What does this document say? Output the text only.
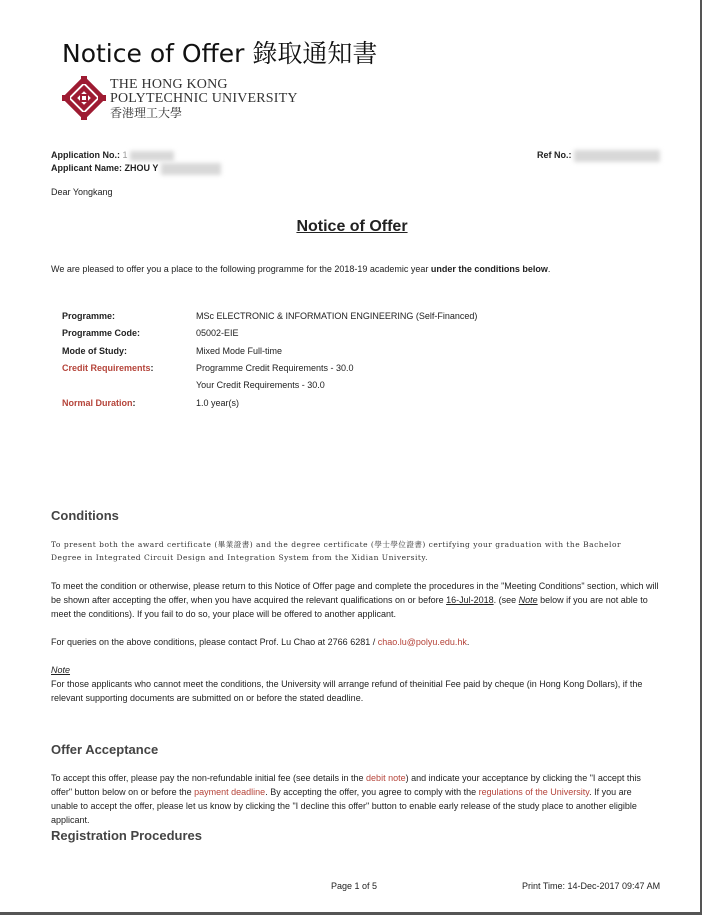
Notice of Offer 錄取通知書
THE HONG KONG
POLYTECHNIC UNIVERSITY
香港理工大學
Application No.: 1
Applicant Name: ZHOU Y
Ref No.:
Dear Yongkang
Notice of Offer
We are pleased to offer you a place to the following programme for the 2018-19 academic year under the conditions below.
Programme:	MSc ELECTRONIC & INFORMATION ENGINEERING (Self-Financed)
Programme Code:	05002-EIE
Mode of Study:	Mixed Mode Full-time
Credit Requirements:	Programme Credit Requirements - 30.0
Your Credit Requirements - 30.0
Normal Duration:	1.0 year(s)
Conditions
To present both the award certificate (畢業證書) and the degree certificate (學士學位證書) certifying your graduation with the Bachelor
Degree in Integrated Circuit Design and Integration System from the Xidian University.
To meet the condition or otherwise, please return to this Notice of Offer page and complete the procedures in the "Meeting Conditions" section, which will be shown after accepting the offer, when you have acquired the relevant qualifications on or before 16-Jul-2018. (see Note below if you are not able to meet the conditions). If you fail to do so, your place will be offered to another applicant.
For queries on the above conditions, please contact Prof. Lu Chao at 2766 6281 / chao.lu@polyu.edu.hk.
Note
For those applicants who cannot meet the conditions, the University will arrange refund of theinitial Fee paid by cheque (in Hong Kong Dollars), if the relevant supporting documents are submitted on or before the stated deadline.
Offer Acceptance
To accept this offer, please pay the non-refundable initial fee (see details in the debit note) and indicate your acceptance by clicking the "I accept this offer" button below on or before the payment deadline. By accepting the offer, you agree to comply with the regulations of the University. If you are unable to accept the offer, please let us know by clicking the "I decline this offer" button to enable early release of the study place to another eligible applicant.
Registration Procedures
Page 1 of 5	Print Time: 14-Dec-2017 09:47 AM
